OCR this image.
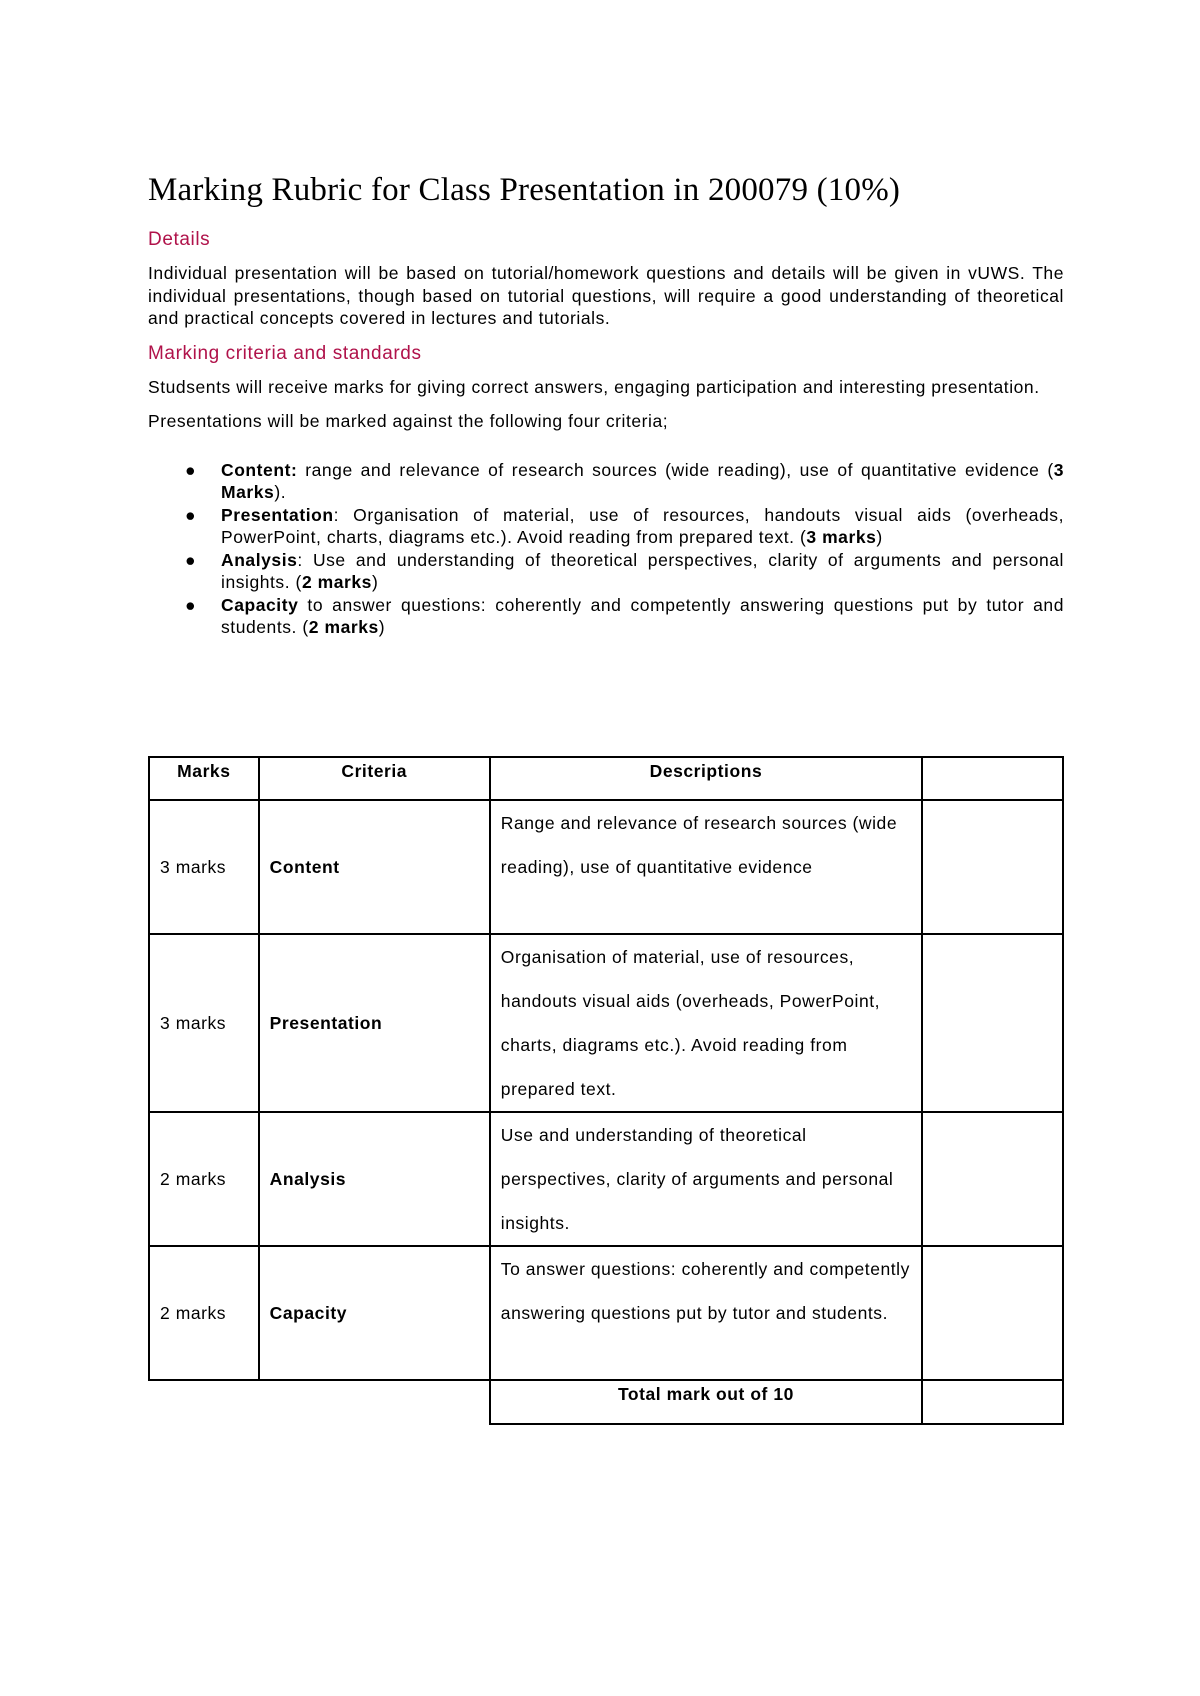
Marking Rubric for Class Presentation in 200079 (10%)
Details

Individual presentation will be based on tutorial/homework questions and details will be given in vUWS. The individual presentations, though based on tutorial questions, will require a good understanding of theoretical and practical concepts covered in lectures and tutorials.

Marking criteria and standards

Studsents will receive marks for giving correct answers, engaging participation and interesting presentation.

Presentations will be marked against the following four criteria;

● Content: range and relevance of research sources (wide reading), use of quantitative evidence (3 Marks).
● Presentation: Organisation of material, use of resources, handouts visual aids (overheads, PowerPoint, charts, diagrams etc.). Avoid reading from prepared text. (3 marks)
● Analysis: Use and understanding of theoretical perspectives, clarity of arguments and personal insights. (2 marks)
● Capacity to answer questions: coherently and competently answering questions put by tutor and students. (2 marks)
Marks	Criteria	Descriptions	
3 marks	Content	Range and relevance of research sources (wide reading), use of quantitative evidence	
3 marks	Presentation	Organisation of material, use of resources, handouts visual aids (overheads, PowerPoint, charts, diagrams etc.). Avoid reading from prepared text.	
2 marks	Analysis	Use and understanding of theoretical perspectives, clarity of arguments and personal insights.	
2 marks	Capacity	To answer questions: coherently and competently answering questions put by tutor and students.	
		Total mark out of 10	
